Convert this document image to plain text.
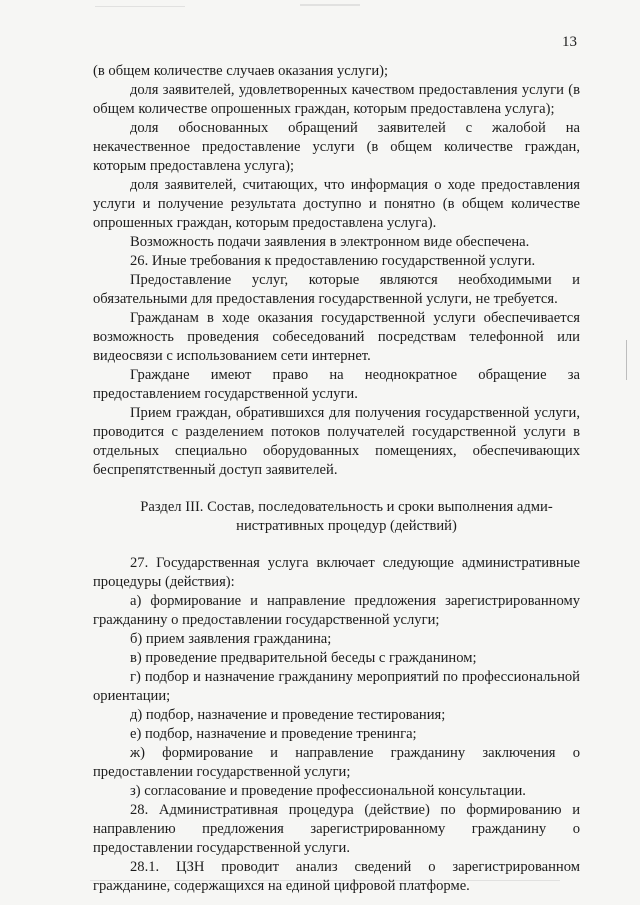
13

(в общем количестве случаев оказания услуги);

доля заявителей, удовлетворенных качеством предоставления услуги (в общем количестве опрошенных граждан, которым предоставлена услуга);

доля обоснованных обращений заявителей с жалобой на некачественное предоставление услуги (в общем количестве граждан, которым предоставлена услуга);

доля заявителей, считающих, что информация о ходе предоставления услуги и получение результата доступно и понятно (в общем количестве опрошенных граждан, которым предоставлена услуга).

Возможность подачи заявления в электронном виде обеспечена.

26. Иные требования к предоставлению государственной услуги.

Предоставление услуг, которые являются необходимыми и обязательными для предоставления государственной услуги, не требуется.

Гражданам в ходе оказания государственной услуги обеспечивается возможность проведения собеседований посредствам телефонной или видеосвязи с использованием сети интернет.

Граждане имеют право на неоднократное обращение за предоставлением государственной услуги.

Прием граждан, обратившихся для получения государственной услуги, проводится с разделением потоков получателей государственной услуги в отдельных специально оборудованных помещениях, обеспечивающих беспрепятственный доступ заявителей.

Раздел III. Состав, последовательность и сроки выполнения адми-
нистративных процедур (действий)

27. Государственная услуга включает следующие административные процедуры (действия):

а) формирование и направление предложения зарегистрированному гражданину о предоставлении государственной услуги;

б) прием заявления гражданина;

в) проведение предварительной беседы с гражданином;

г) подбор и назначение гражданину мероприятий по профессиональной ориентации;

д) подбор, назначение и проведение тестирования;

е) подбор, назначение и проведение тренинга;

ж) формирование и направление гражданину заключения о предоставлении государственной услуги;

з) согласование и проведение профессиональной консультации.

28. Административная процедура (действие) по формированию и направлению предложения зарегистрированному гражданину о предоставлении государственной услуги.

28.1. ЦЗН проводит анализ сведений о зарегистрированном гражданине, содержащихся на единой цифровой платформе.
